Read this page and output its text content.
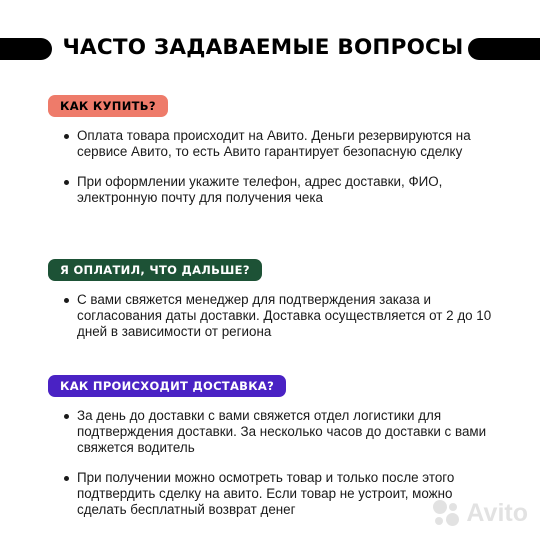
ЧАСТО ЗАДАВАЕМЫЕ ВОПРОСЫ
КАК КУПИТЬ?
Оплата товара происходит на Авито. Деньги резервируются на сервисе Авито, то есть Авито гарантирует безопасную сделку
При оформлении укажите телефон, адрес доставки, ФИО, электронную почту для получения чека
Я ОПЛАТИЛ, ЧТО ДАЛЬШЕ?
С вами свяжется менеджер для подтверждения заказа и согласования даты доставки. Доставка осуществляется от 2 до 10 дней в зависимости от региона
КАК ПРОИСХОДИТ ДОСТАВКА?
За день до доставки с вами свяжется отдел логистики для подтверждения доставки. За несколько часов до доставки с вами свяжется водитель
При получении можно осмотреть товар и только после этого подтвердить сделку на авито. Если товар не устроит, можно сделать бесплатный возврат денег	Avito
